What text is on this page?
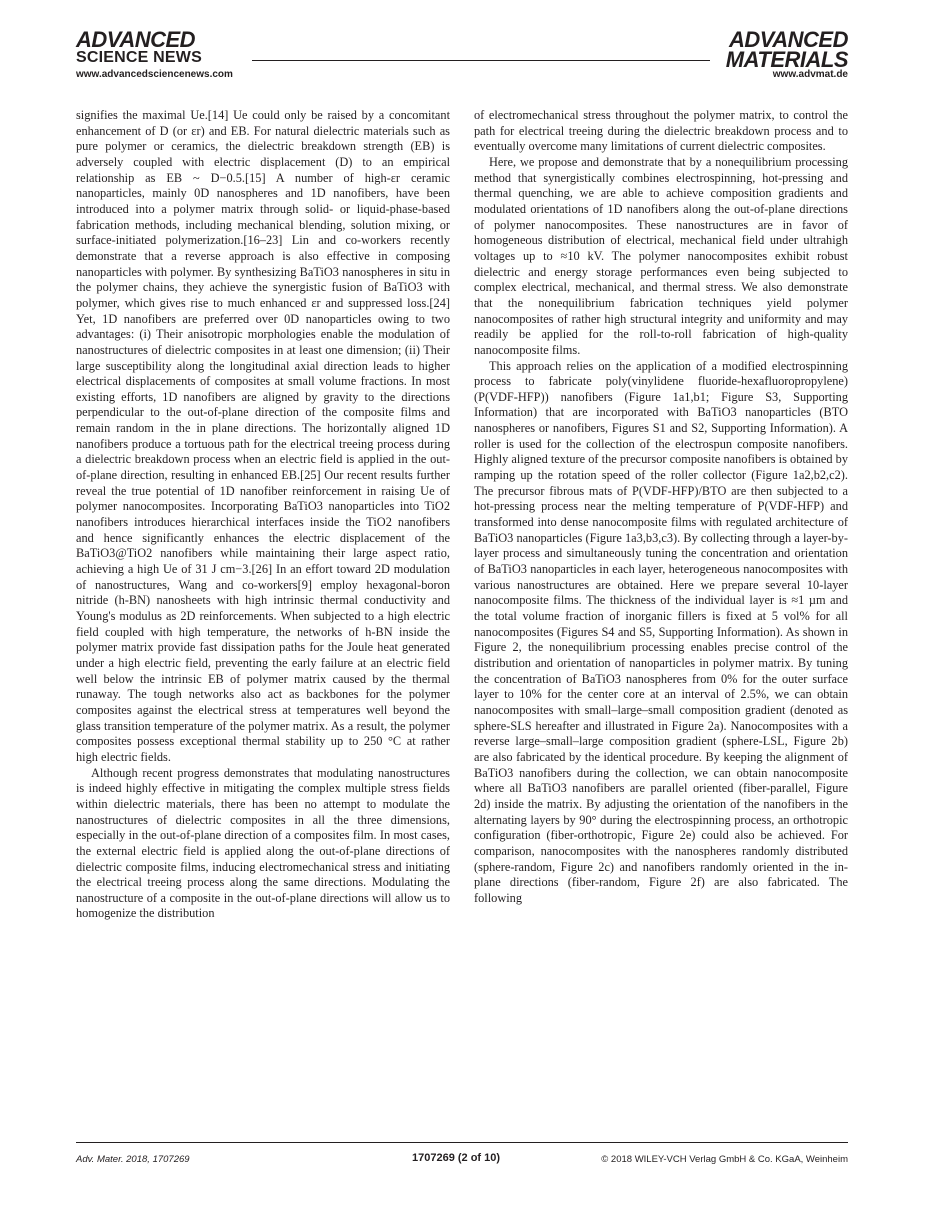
ADVANCED
SCIENCE NEWS
ADVANCED
MATERIALS
www.advancedsciencenews.com	www.advmat.de

signifies the maximal Ue.[14] Ue could only be raised by a concomitant enhancement of D (or εr) and EB. For natural dielectric materials such as pure polymer or ceramics, the dielectric breakdown strength (EB) is adversely coupled with electric displacement (D) to an empirical relationship as EB ~ D−0.5.[15] A number of high-εr ceramic nanoparticles, mainly 0D nanospheres and 1D nanofibers, have been introduced into a polymer matrix through solid- or liquid-phase-based fabrication methods, including mechanical blending, solution mixing, or surface-initiated polymerization.[16–23] Lin and co-workers recently demonstrate that a reverse approach is also effective in composing nanoparticles with polymer. By synthesizing BaTiO3 nanospheres in situ in the polymer chains, they achieve the synergistic fusion of BaTiO3 with polymer, which gives rise to much enhanced εr and suppressed loss.[24] Yet, 1D nanofibers are preferred over 0D nanoparticles owing to two advantages: (i) Their anisotropic morphologies enable the modulation of nanostructures of dielectric composites in at least one dimension; (ii) Their large susceptibility along the longitudinal axial direction leads to higher electrical displacements of composites at small volume fractions. In most existing efforts, 1D nanofibers are aligned by gravity to the directions perpendicular to the out-of-plane direction of the composite films and remain random in the in plane directions. The horizontally aligned 1D nanofibers produce a tortuous path for the electrical treeing process during a dielectric breakdown process when an electric field is applied in the out-of-plane direction, resulting in enhanced EB.[25] Our recent results further reveal the true potential of 1D nanofiber reinforcement in raising Ue of polymer nanocomposites. Incorporating BaTiO3 nanoparticles into TiO2 nanofibers introduces hierarchical interfaces inside the TiO2 nanofibers and hence significantly enhances the electric displacement of the BaTiO3@TiO2 nanofibers while maintaining their large aspect ratio, achieving a high Ue of 31 J cm−3.[26] In an effort toward 2D modulation of nanostructures, Wang and co-workers[9] employ hexagonal-boron nitride (h-BN) nanosheets with high intrinsic thermal conductivity and Young's modulus as 2D reinforcements. When subjected to a high electric field coupled with high temperature, the networks of h-BN inside the polymer matrix provide fast dissipation paths for the Joule heat generated under a high electric field, preventing the early failure at an electric field well below the intrinsic EB of polymer matrix caused by the thermal runaway. The tough networks also act as backbones for the polymer composites against the electrical stress at temperatures well beyond the glass transition temperature of the polymer matrix. As a result, the polymer composites possess exceptional thermal stability up to 250 °C at rather high electric fields.

Although recent progress demonstrates that modulating nanostructures is indeed highly effective in mitigating the complex multiple stress fields within dielectric materials, there has been no attempt to modulate the nanostructures of dielectric composites in all the three dimensions, especially in the out-of-plane direction of a composites film. In most cases, the external electric field is applied along the out-of-plane directions of dielectric composite films, inducing electromechanical stress and initiating the electrical treeing process along the same directions. Modulating the nanostructure of a composite in the out-of-plane directions will allow us to homogenize the distribution

of electromechanical stress throughout the polymer matrix, to control the path for electrical treeing during the dielectric breakdown process and to eventually overcome many limitations of current dielectric composites.

Here, we propose and demonstrate that by a nonequilibrium processing method that synergistically combines electrospinning, hot-pressing and thermal quenching, we are able to achieve composition gradients and modulated orientations of 1D nanofibers along the out-of-plane directions of polymer nanocomposites. These nanostructures are in favor of homogeneous distribution of electrical, mechanical field under ultrahigh voltages up to ≈10 kV. The polymer nanocomposites exhibit robust dielectric and energy storage performances even being subjected to complex electrical, mechanical, and thermal stress. We also demonstrate that the nonequilibrium fabrication techniques yield polymer nanocomposites of rather high structural integrity and uniformity and may readily be applied for the roll-to-roll fabrication of high-quality nanocomposite films.

This approach relies on the application of a modified electrospinning process to fabricate poly(vinylidene fluoride-hexafluoropropylene) (P(VDF-HFP)) nanofibers (Figure 1a1,b1; Figure S3, Supporting Information) that are incorporated with BaTiO3 nanoparticles (BTO nanospheres or nanofibers, Figures S1 and S2, Supporting Information). A roller is used for the collection of the electrospun composite nanofibers. Highly aligned texture of the precursor composite nanofibers is obtained by ramping up the rotation speed of the roller collector (Figure 1a2,b2,c2). The precursor fibrous mats of P(VDF-HFP)/BTO are then subjected to a hot-pressing process near the melting temperature of P(VDF-HFP) and transformed into dense nanocomposite films with regulated architecture of BaTiO3 nanoparticles (Figure 1a3,b3,c3). By collecting through a layer-by-layer process and simultaneously tuning the concentration and orientation of BaTiO3 nanoparticles in each layer, heterogeneous nanocomposites with various nanostructures are obtained. Here we prepare several 10-layer nanocomposite films. The thickness of the individual layer is ≈1 µm and the total volume fraction of inorganic fillers is fixed at 5 vol% for all nanocomposites (Figures S4 and S5, Supporting Information). As shown in Figure 2, the nonequilibrium processing enables precise control of the distribution and orientation of nanoparticles in polymer matrix. By tuning the concentration of BaTiO3 nanospheres from 0% for the outer surface layer to 10% for the center core at an interval of 2.5%, we can obtain nanocomposites with small–large–small composition gradient (denoted as sphere-SLS hereafter and illustrated in Figure 2a). Nanocomposites with a reverse large–small–large composition gradient (sphere-LSL, Figure 2b) are also fabricated by the identical procedure. By keeping the alignment of BaTiO3 nanofibers during the collection, we can obtain nanocomposite where all BaTiO3 nanofibers are parallel oriented (fiber-parallel, Figure 2d) inside the matrix. By adjusting the orientation of the nanofibers in the alternating layers by 90° during the electrospinning process, an orthotropic configuration (fiber-orthotropic, Figure 2e) could also be achieved. For comparison, nanocomposites with the nanospheres randomly distributed (sphere-random, Figure 2c) and nanofibers randomly oriented in the in-plane directions (fiber-random, Figure 2f) are also fabricated. The following

Adv. Mater. 2018, 1707269	1707269 (2 of 10)	© 2018 WILEY-VCH Verlag GmbH & Co. KGaA, Weinheim
